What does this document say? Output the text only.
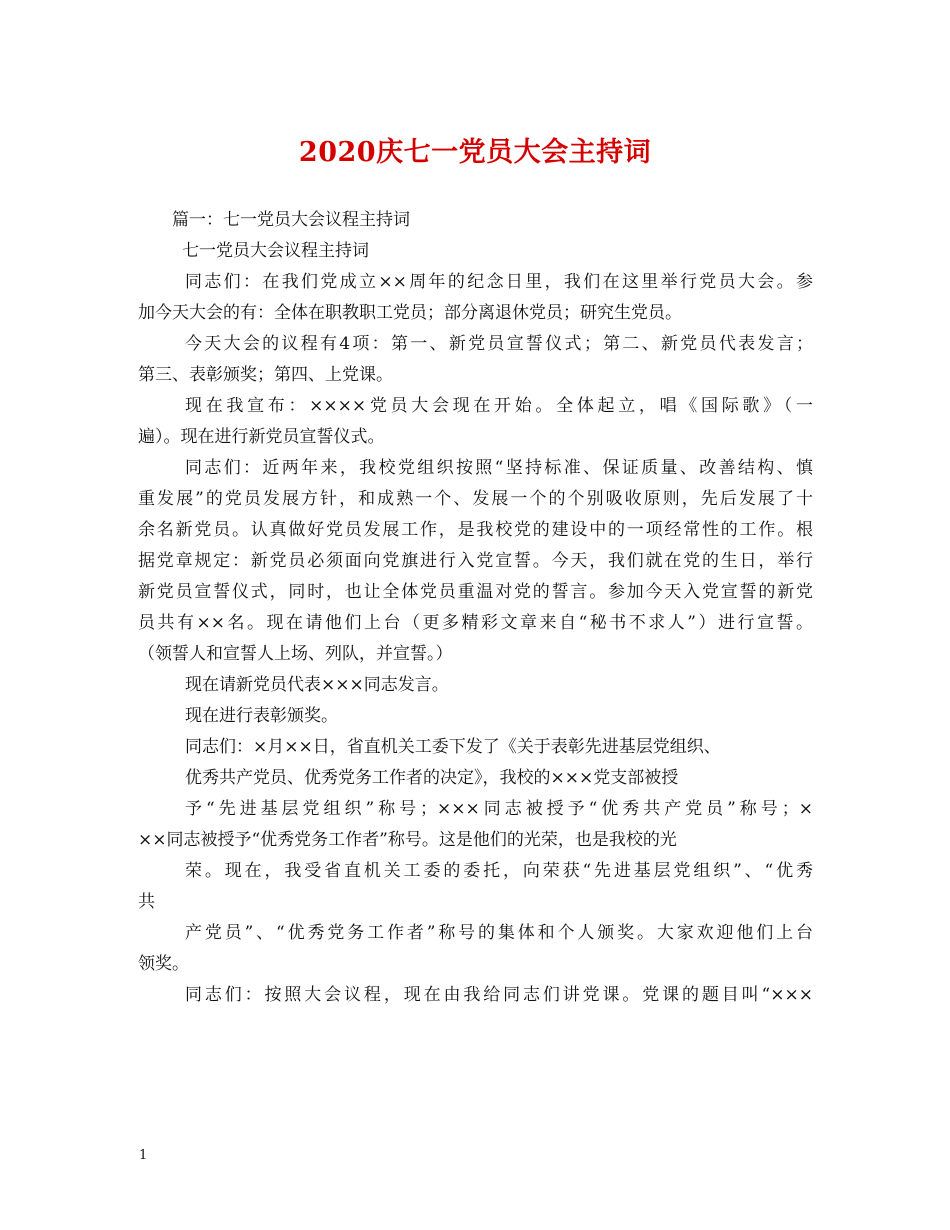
2020庆七一党员大会主持词
篇一：七一党员大会议程主持词
七一党员大会议程主持词
同志们：在我们党成立××周年的纪念日里，我们在这里举行党员大会。参
加今天大会的有：全体在职教职工党员；部分离退休党员；研究生党员。
今天大会的议程有4项：第一、新党员宣誓仪式；第二、新党员代表发言；
第三、表彰颁奖；第四、上党课。
现在我宣布：××××党员大会现在开始。全体起立，唱《国际歌》（一
遍）。现在进行新党员宣誓仪式。
同志们：近两年来，我校党组织按照“坚持标准、保证质量、改善结构、慎
重发展”的党员发展方针，和成熟一个、发展一个的个别吸收原则，先后发展了十
余名新党员。认真做好党员发展工作，是我校党的建设中的一项经常性的工作。根
据党章规定：新党员必须面向党旗进行入党宣誓。今天，我们就在党的生日，举行
新党员宣誓仪式，同时，也让全体党员重温对党的誓言。参加今天入党宣誓的新党
员共有××名。现在请他们上台（更多精彩文章来自“秘书不求人”）进行宣誓。
（领誓人和宣誓人上场、列队，并宣誓。）
现在请新党员代表×××同志发言。
现在进行表彰颁奖。
同志们：×月××日，省直机关工委下发了《关于表彰先进基层党组织、
优秀共产党员、优秀党务工作者的决定》，我校的×××党支部被授
予“先进基层党组织”称号；×××同志被授予“优秀共产党员”称号；×
××同志被授予“优秀党务工作者”称号。这是他们的光荣，也是我校的光
荣。现在，我受省直机关工委的委托，向荣获“先进基层党组织”、“优秀
共
产党员”、“优秀党务工作者”称号的集体和个人颁奖。大家欢迎他们上台
领奖。
同志们：按照大会议程，现在由我给同志们讲党课。党课的题目叫“×××

1
